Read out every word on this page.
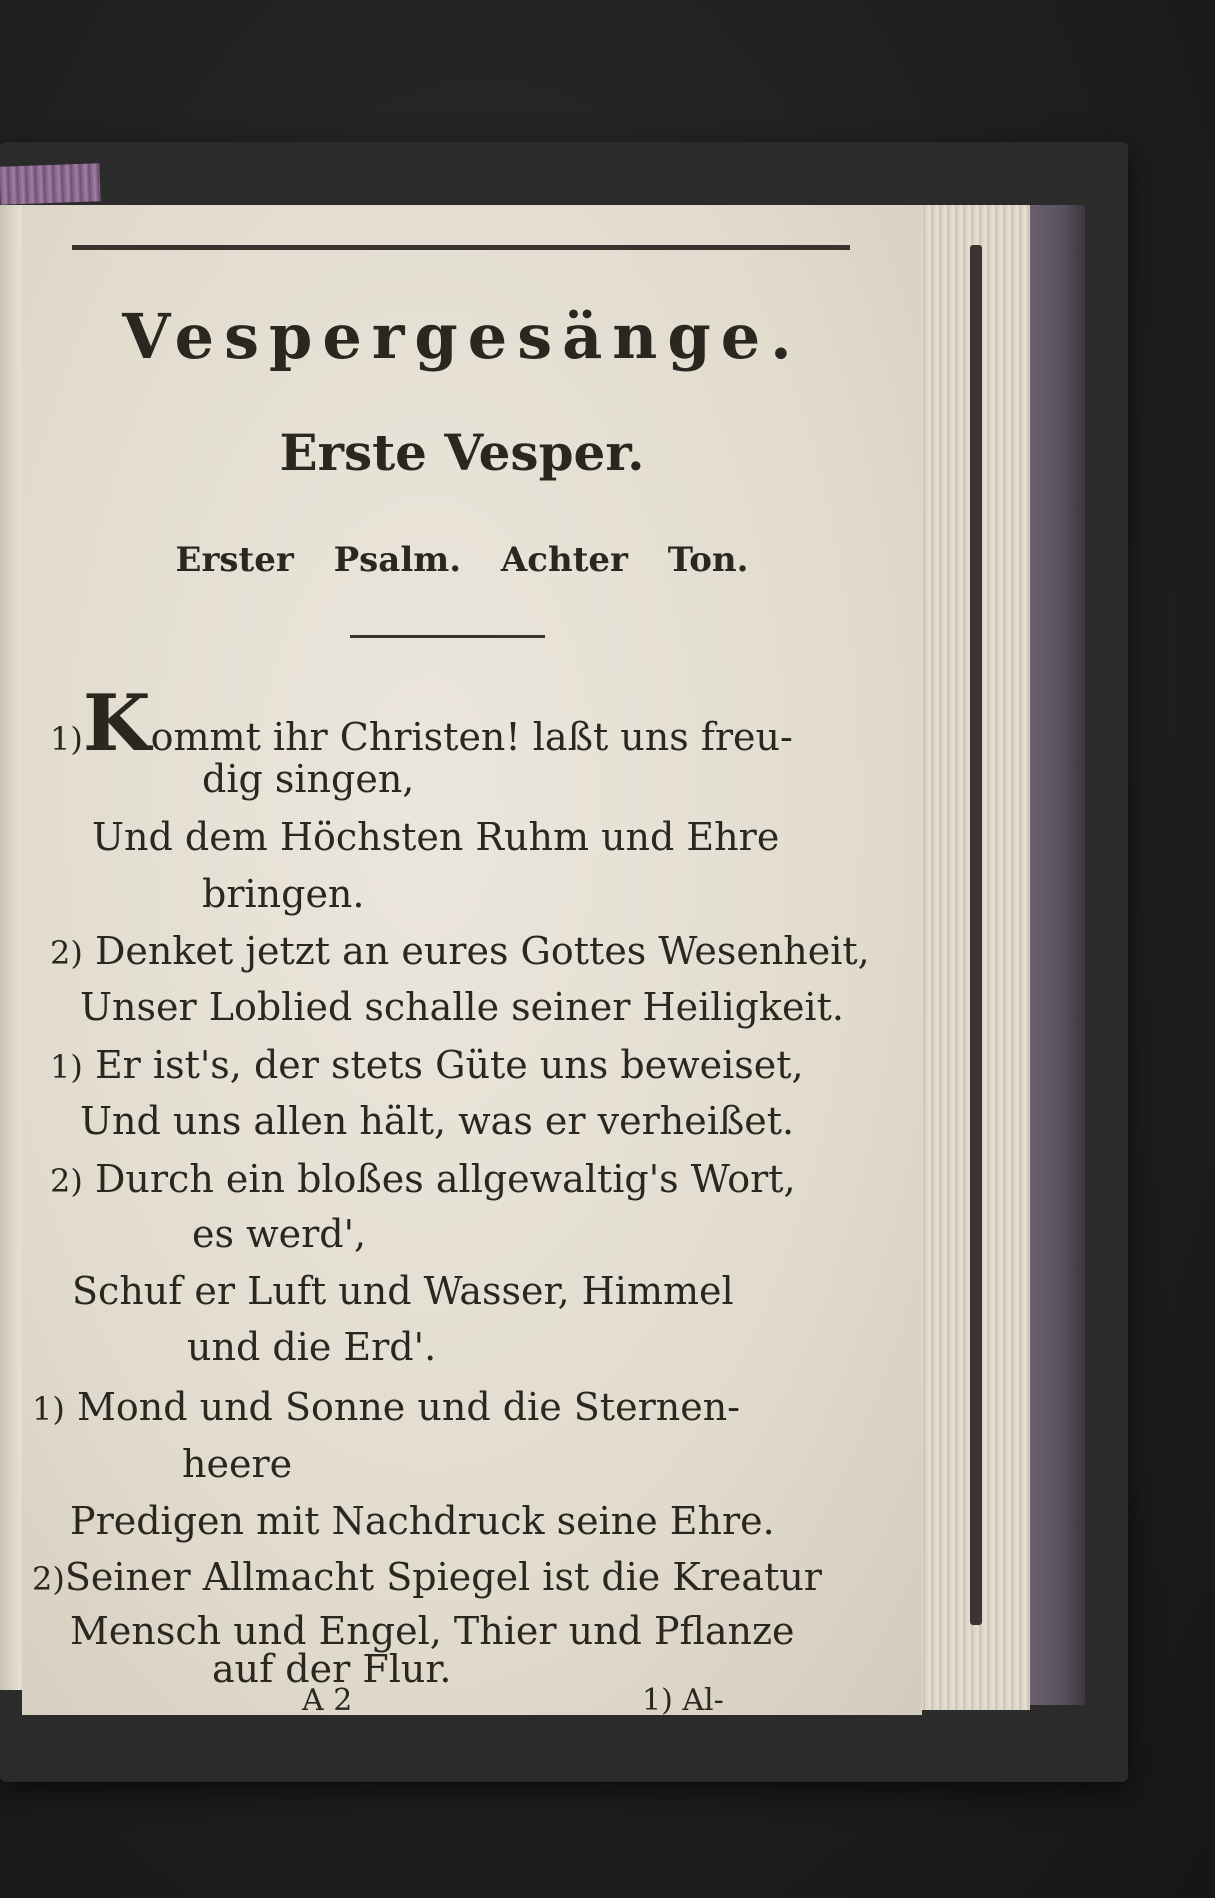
Vespergesänge.
Erste Vesper.
Erster Psalm. Achter Ton.
1)Kommt ihr Christen! laßt uns freu-
dig singen,
Und dem Höchsten Ruhm und Ehre
bringen.
2) Denket jetzt an eures Gottes Wesenheit,
Unser Loblied schalle seiner Heiligkeit.
1) Er ist's, der stets Güte uns beweiset,
Und uns allen hält, was er verheißet.
2) Durch ein bloßes allgewaltig's Wort,
es werd',
Schuf er Luft und Wasser, Himmel
und die Erd'.
1) Mond und Sonne und die Sternen-
heere
Predigen mit Nachdruck seine Ehre.
2)Seiner Allmacht Spiegel ist die Kreatur
Mensch und Engel, Thier und Pflanze
auf der Flur.
A 2	1) Al-
